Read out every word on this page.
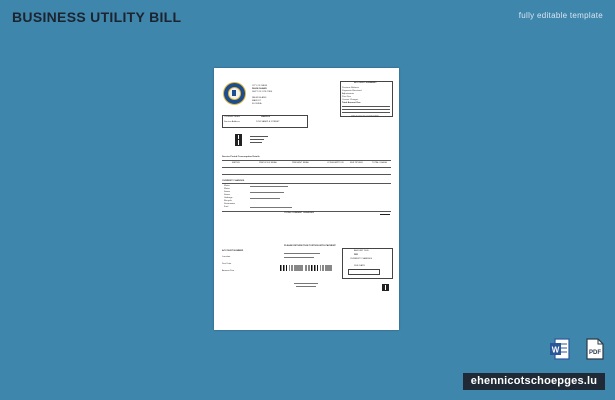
BUSINESS UTILITY BILL	fully editable template
CITY OF PALM
PALM ISLAND
DEPT OF UTILITIES
PALM ISLAND
MAIN ST
FLORIDA
ACCOUNT SUMMARY
Previous Balance
Payments Received
Adjustments
Past Due
Current Charges
Total Amount Due
Customer Name
Service Address
SAMPLE
1234 SAMPLE STREET
MESSAGE TO CUSTOMER
Service Period Consumption Details
METER	PREVIOUS READ	PRESENT READ	CONSUMPTION	MULTIPLIER	TOTAL USAGE
CURRENT CHARGES
Water
Water
Sewer
Sewer
Garbage
Recycle
Stormwater
Fuel
TOTAL CURRENT CHARGES
PLEASE RETURN THIS PORTION WITH PAYMENT
ACCOUNT NUMBER
Location
Due Date
Amount Due
AMOUNT DUE
PAY
CURRENT CHARGES
DUE DATE
W	PDF
ehennicotschoepges.lu
